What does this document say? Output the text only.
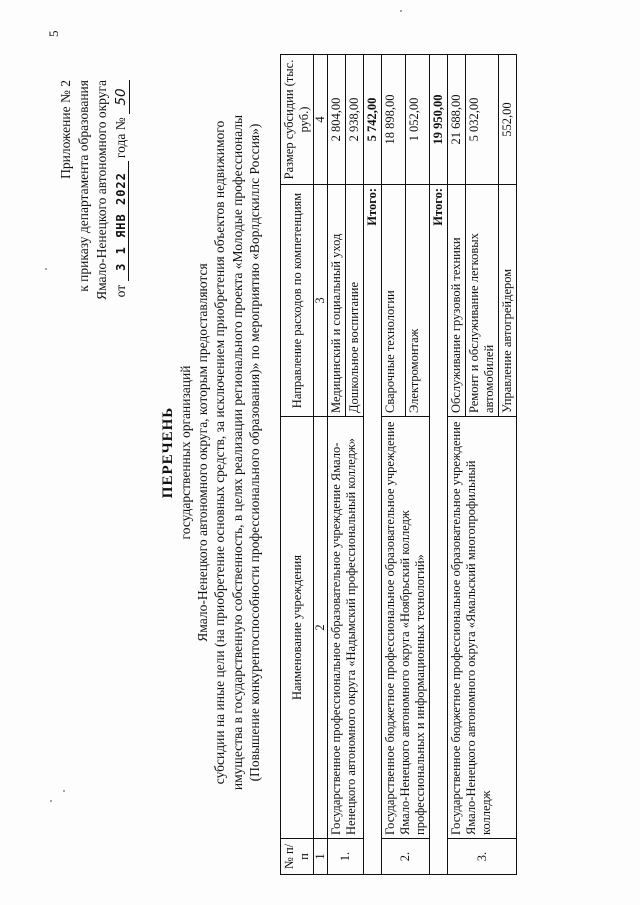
5
Приложение № 2 к приказу департамента образования Ямало-Ненецкого автономного округа от 3 1 ЯНВ 2022 года № 50
ПЕРЕЧЕНЬ государственных организаций Ямало-Ненецкого автономного округа, которым предоставляются субсидии на иные цели (на приобретение основных средств, за исключением приобретения объектов недвижимого имущества в государственную собственность, в целях реализации регионального проекта «Молодые профессионалы (Повышение конкурентоспособности профессионального образования)» по мероприятию «Ворлдскиллс Россия»)
№ п/п	Наименование учреждения	Направление расходов по компетенциям	Размер субсидии (тыс. руб.)
1	2	3	4
1.	Государственное профессиональное образовательное учреждение Ямало-Ненецкого автономного округа «Надымский профессиональный колледж»	Медицинский и социальный уход	2 804,00
		Дошкольное воспитание	2 938,00
Итого:			5 742,00
2.	Государственное бюджетное профессиональное образовательное учреждение Ямало-Ненецкого автономного округа «Ноябрьский колледж профессиональных и информационных технологий»	Сварочные технологии	18 898,00
		Электромонтаж	1 052,00
Итого:			19 950,00
3.	Государственное бюджетное профессиональное образовательное учреждение Ямало-Ненецкого автономного округа «Ямальский многопрофильный колледж	Обслуживание грузовой техники	21 688,00
		Ремонт и обслуживание легковых автомобилей	5 032,00
		Управление автогрейдером	552,00
